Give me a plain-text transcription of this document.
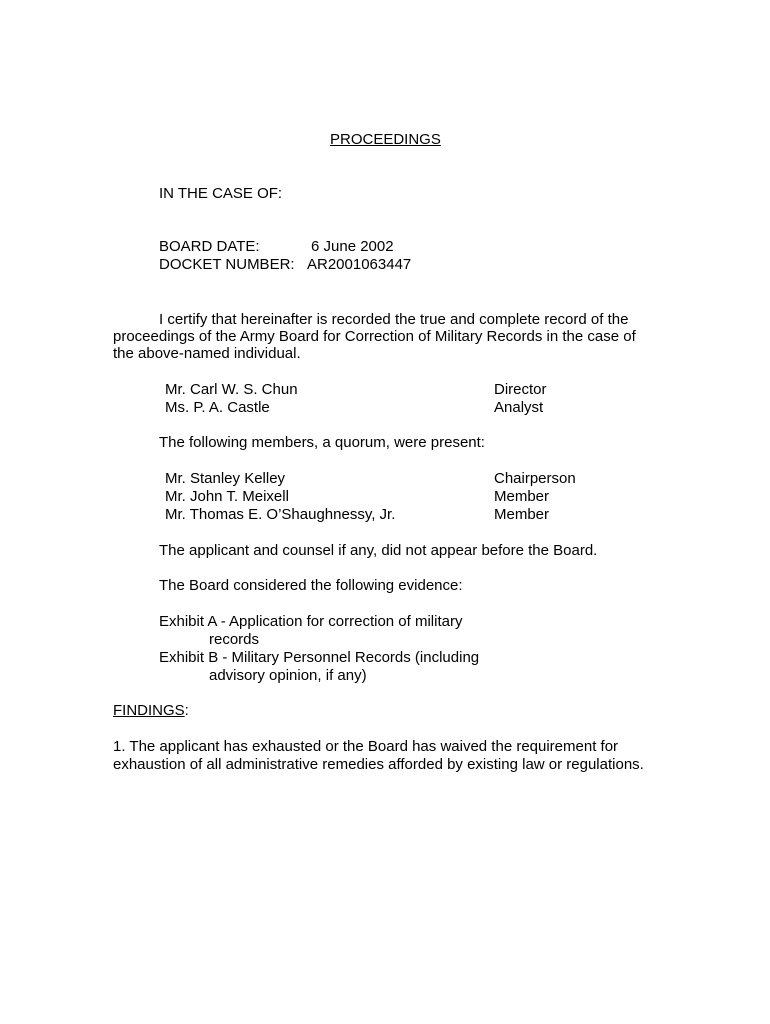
PROCEEDINGS
IN THE CASE OF:
BOARD DATE:	6 June 2002
DOCKET NUMBER: AR2001063447
I certify that hereinafter is recorded the true and complete record of the
proceedings of the Army Board for Correction of Military Records in the case of
the above-named individual.
Mr. Carl W. S. Chun	Director
Ms. P. A. Castle	Analyst
The following members, a quorum, were present:
Mr. Stanley Kelley	Chairperson
Mr. John T. Meixell	Member
Mr. Thomas E. O’Shaughnessy, Jr.	Member
The applicant and counsel if any, did not appear before the Board.
The Board considered the following evidence:
Exhibit A - Application for correction of military
records
Exhibit B - Military Personnel Records (including
advisory opinion, if any)
FINDINGS:
1. The applicant has exhausted or the Board has waived the requirement for
exhaustion of all administrative remedies afforded by existing law or regulations.
